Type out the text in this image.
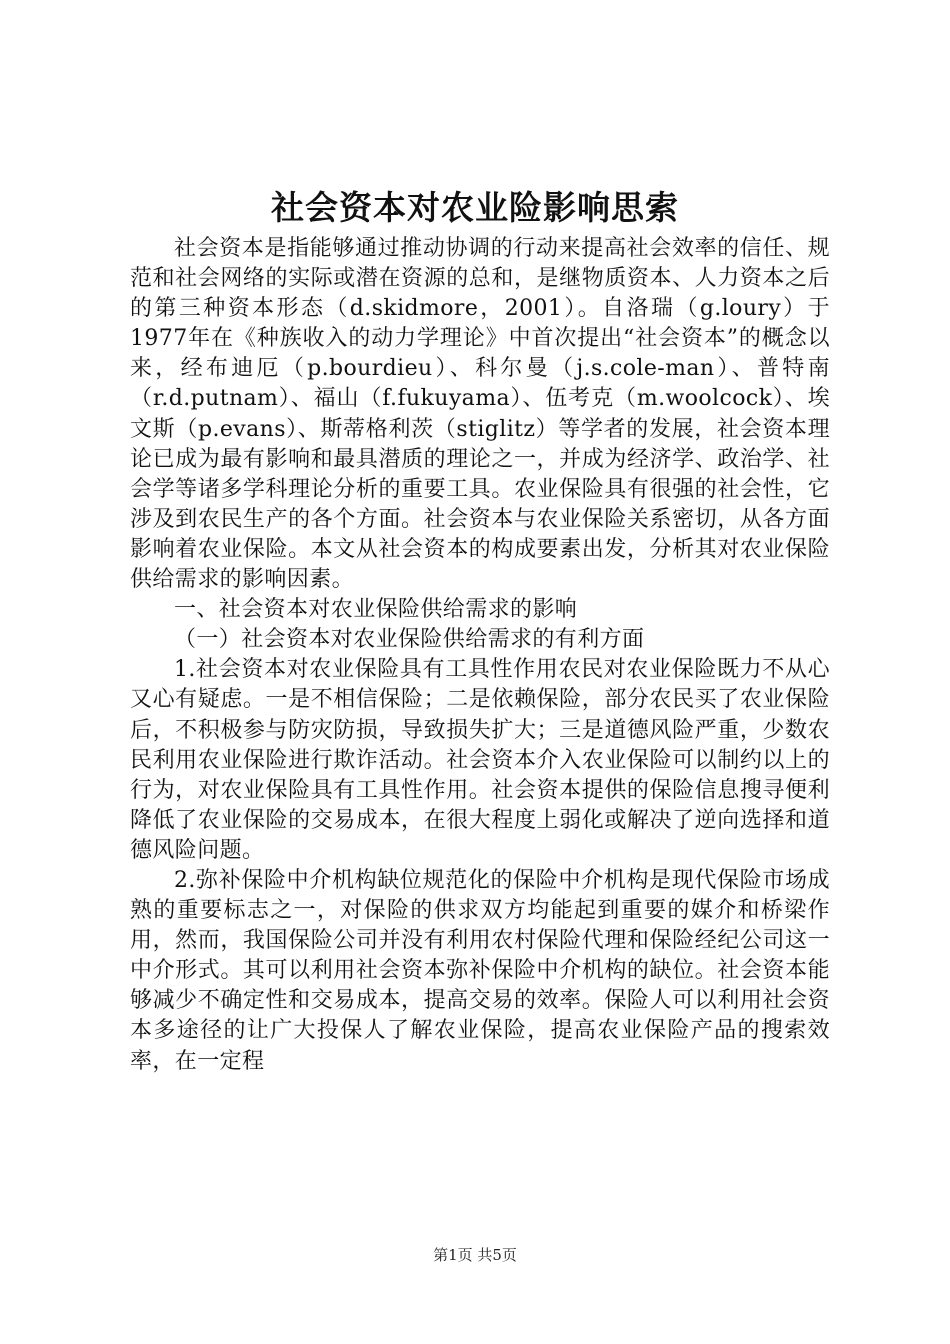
社会资本对农业险影响思索

社会资本是指能够通过推动协调的行动来提高社会效率的信任、规范和社会网络的实际或潜在资源的总和，是继物质资本、人力资本之后的第三种资本形态（d.skidmore，2001）。自洛瑞（g.loury）于1977年在《种族收入的动力学理论》中首次提出“社会资本”的概念以来，经布迪厄（p.bourdieu）、科尔曼（j.s.cole-man）、普特南（r.d.putnam）、福山（f.fukuyama）、伍考克（m.woolcock）、埃文斯（p.evans）、斯蒂格利茨（stiglitz）等学者的发展，社会资本理论已成为最有影响和最具潜质的理论之一，并成为经济学、政治学、社会学等诸多学科理论分析的重要工具。农业保险具有很强的社会性，它涉及到农民生产的各个方面。社会资本与农业保险关系密切，从各方面影响着农业保险。本文从社会资本的构成要素出发，分析其对农业保险供给需求的影响因素。

一、社会资本对农业保险供给需求的影响

（一）社会资本对农业保险供给需求的有利方面

1.社会资本对农业保险具有工具性作用农民对农业保险既力不从心又心有疑虑。一是不相信保险；二是依赖保险，部分农民买了农业保险后，不积极参与防灾防损，导致损失扩大；三是道德风险严重，少数农民利用农业保险进行欺诈活动。社会资本介入农业保险可以制约以上的行为，对农业保险具有工具性作用。社会资本提供的保险信息搜寻便利降低了农业保险的交易成本，在很大程度上弱化或解决了逆向选择和道德风险问题。

2.弥补保险中介机构缺位规范化的保险中介机构是现代保险市场成熟的重要标志之一，对保险的供求双方均能起到重要的媒介和桥梁作用，然而，我国保险公司并没有利用农村保险代理和保险经纪公司这一中介形式。其可以利用社会资本弥补保险中介机构的缺位。社会资本能够减少不确定性和交易成本，提高交易的效率。保险人可以利用社会资本多途径的让广大投保人了解农业保险，提高农业保险产品的搜索效率，在一定程

第1页 共5页
